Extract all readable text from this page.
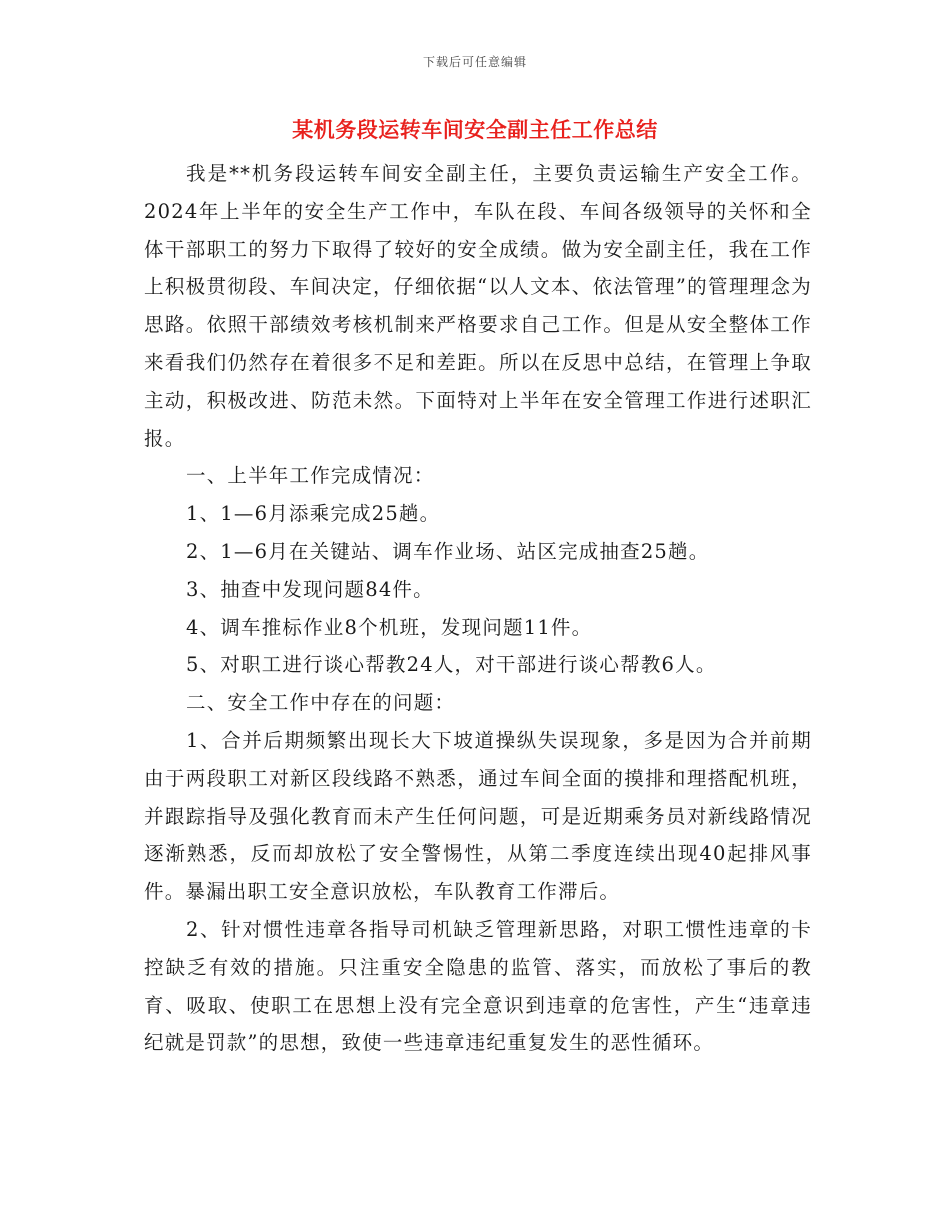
下载后可任意编辑
某机务段运转车间安全副主任工作总结

我是**机务段运转车间安全副主任，主要负责运输生产安全工作。2024年上半年的安全生产工作中，车队在段、车间各级领导的关怀和全体干部职工的努力下取得了较好的安全成绩。做为安全副主任，我在工作上积极贯彻段、车间决定，仔细依据“以人文本、依法管理”的管理理念为思路。依照干部绩效考核机制来严格要求自己工作。但是从安全整体工作来看我们仍然存在着很多不足和差距。所以在反思中总结，在管理上争取主动，积极改进、防范未然。下面特对上半年在安全管理工作进行述职汇报。

一、上半年工作完成情况：

1、1—6月添乘完成25趟。

2、1—6月在关键站、调车作业场、站区完成抽查25趟。

3、抽查中发现问题84件。

4、调车推标作业8个机班，发现问题11件。

5、对职工进行谈心帮教24人，对干部进行谈心帮教6人。

二、安全工作中存在的问题：

1、合并后期频繁出现长大下坡道操纵失误现象，多是因为合并前期由于两段职工对新区段线路不熟悉，通过车间全面的摸排和理搭配机班，并跟踪指导及强化教育而未产生任何问题，可是近期乘务员对新线路情况逐渐熟悉，反而却放松了安全警惕性，从第二季度连续出现40起排风事件。暴漏出职工安全意识放松，车队教育工作滞后。

2、针对惯性违章各指导司机缺乏管理新思路，对职工惯性违章的卡控缺乏有效的措施。只注重安全隐患的监管、落实，而放松了事后的教育、吸取、使职工在思想上没有完全意识到违章的危害性，产生“违章违纪就是罚款”的思想，致使一些违章违纪重复发生的恶性循环。
